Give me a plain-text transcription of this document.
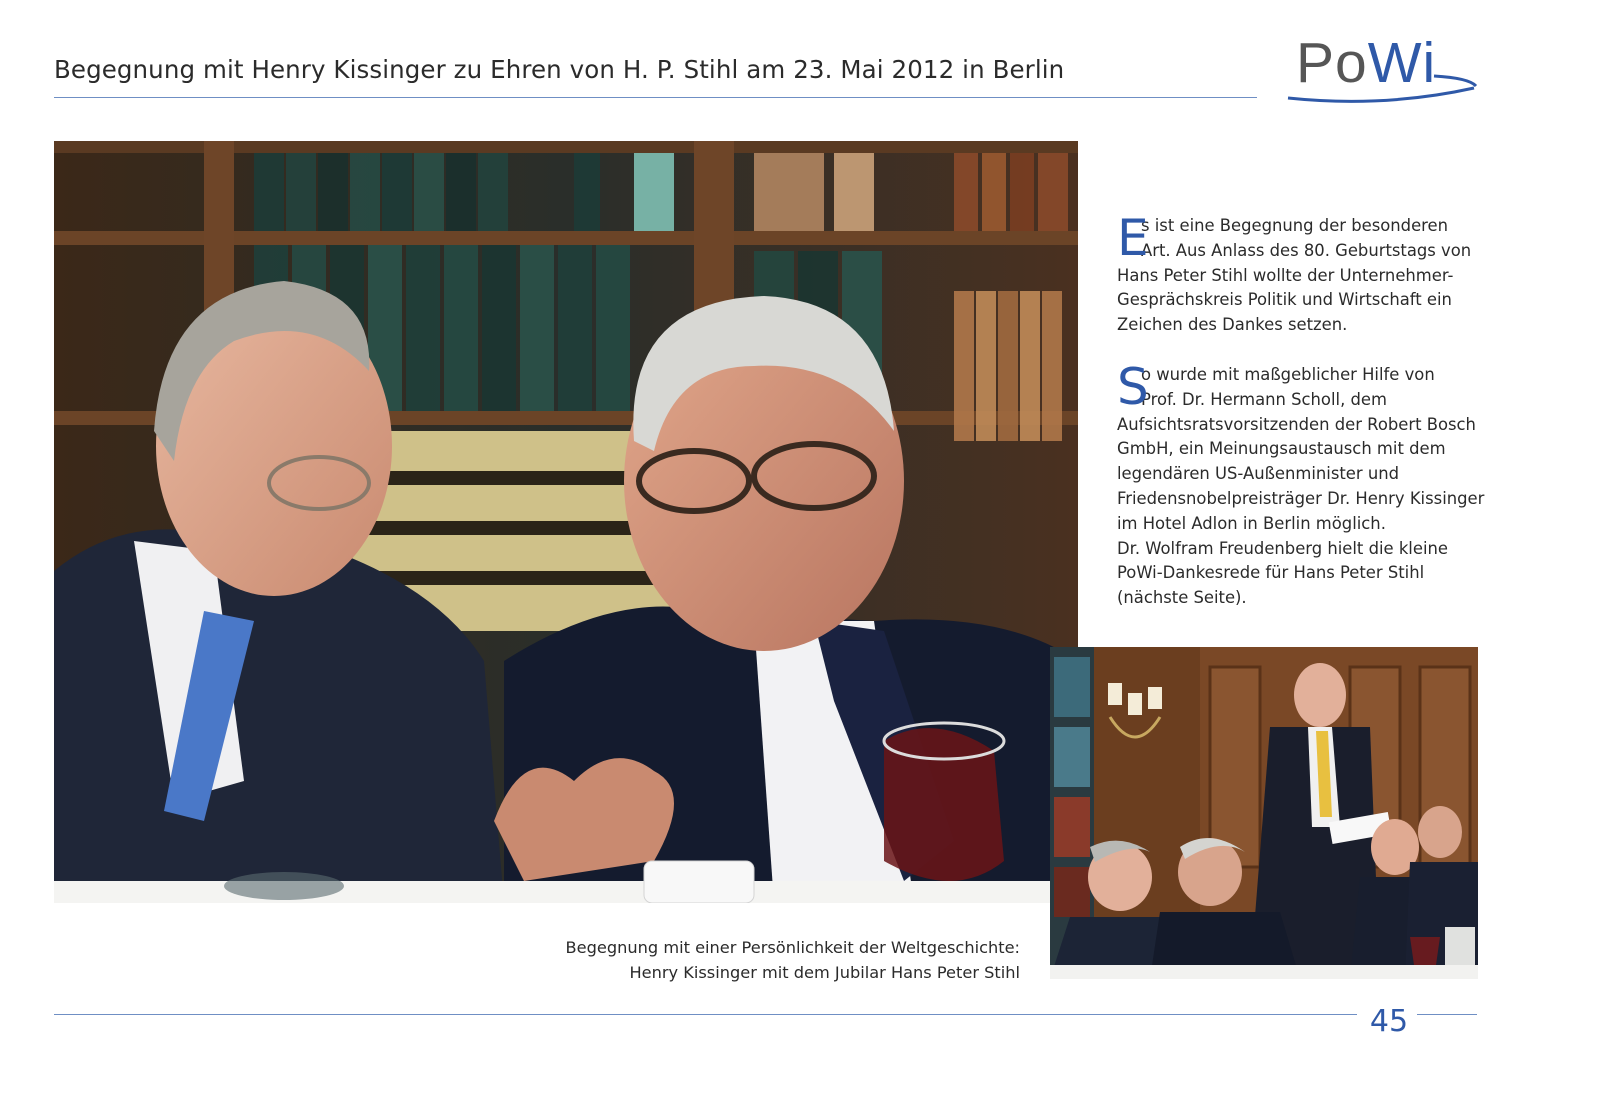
Begegnung mit Henry Kissinger zu Ehren von H. P. Stihl am 23. Mai 2012 in Berlin	PoWi
E
s ist eine Begegnung der besonderen
Art. Aus Anlass des 80. Geburtstags von
Hans Peter Stihl wollte der Unternehmer-
Gesprächskreis Politik und Wirtschaft ein
Zeichen des Dankes setzen.
S
o wurde mit maßgeblicher Hilfe von
Prof. Dr. Hermann Scholl, dem
Aufsichtsratsvorsitzenden der Robert Bosch
GmbH, ein Meinungsaustausch mit dem
legendären US-Außenminister und
Friedensnobelpreisträger Dr. Henry Kissinger
im Hotel Adlon in Berlin möglich.
Dr. Wolfram Freudenberg hielt die kleine
PoWi-Dankesrede für Hans Peter Stihl
(nächste Seite).
Begegnung mit einer Persönlichkeit der Weltgeschichte:
Henry Kissinger mit dem Jubilar Hans Peter Stihl
45
